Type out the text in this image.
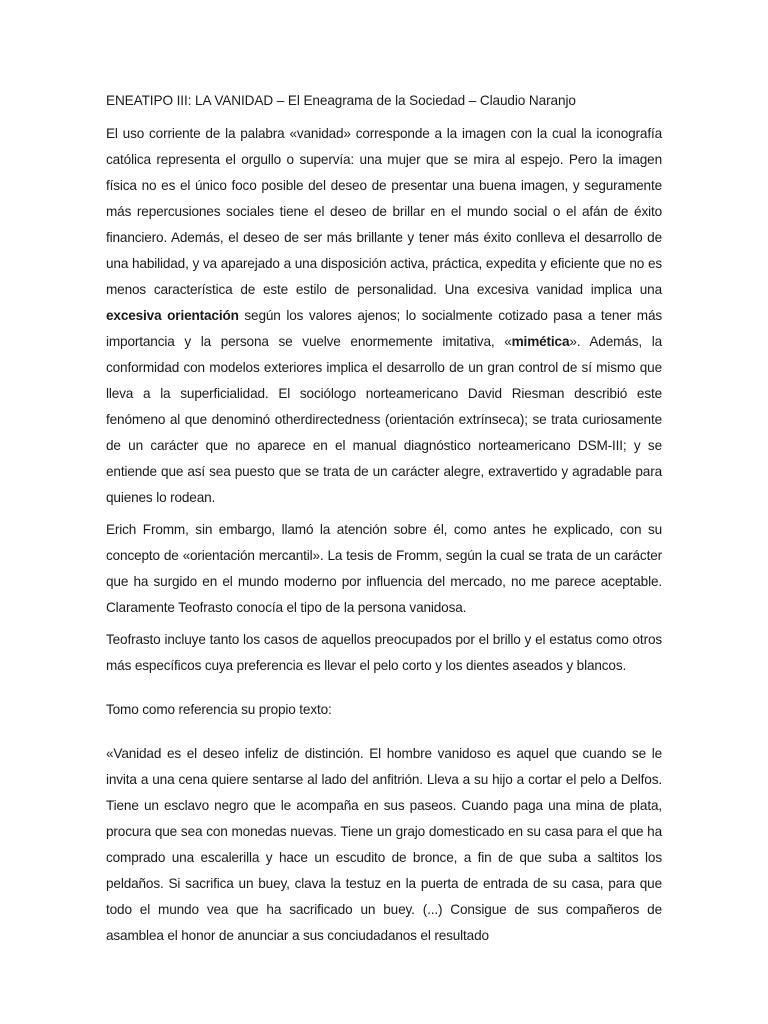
ENEATIPO III: LA VANIDAD – El Eneagrama de la Sociedad – Claudio Naranjo

El uso corriente de la palabra «vanidad» corresponde a la imagen con la cual la iconografía católica representa el orgullo o supervía: una mujer que se mira al espejo. Pero la imagen física no es el único foco posible del deseo de presentar una buena imagen, y seguramente más repercusiones sociales tiene el deseo de brillar en el mundo social o el afán de éxito financiero. Además, el deseo de ser más brillante y tener más éxito conlleva el desarrollo de una habilidad, y va aparejado a una disposición activa, práctica, expedita y eficiente que no es menos característica de este estilo de personalidad. Una excesiva vanidad implica una excesiva orientación según los valores ajenos; lo socialmente cotizado pasa a tener más importancia y la persona se vuelve enormemente imitativa, «mimética». Además, la conformidad con modelos exteriores implica el desarrollo de un gran control de sí mismo que lleva a la superficialidad. El sociólogo norteamericano David Riesman describió este fenómeno al que denominó otherdirectedness (orientación extrínseca); se trata curiosamente de un carácter que no aparece en el manual diagnóstico norteamericano DSM-III; y se entiende que así sea puesto que se trata de un carácter alegre, extravertido y agradable para quienes lo rodean.

Erich Fromm, sin embargo, llamó la atención sobre él, como antes he explicado, con su concepto de «orientación mercantil». La tesis de Fromm, según la cual se trata de un carácter que ha surgido en el mundo moderno por influencia del mercado, no me parece aceptable. Claramente Teofrasto conocía el tipo de la persona vanidosa.

Teofrasto incluye tanto los casos de aquellos preocupados por el brillo y el estatus como otros más específicos cuya preferencia es llevar el pelo corto y los dientes aseados y blancos.

Tomo como referencia su propio texto:

«Vanidad es el deseo infeliz de distinción. El hombre vanidoso es aquel que cuando se le invita a una cena quiere sentarse al lado del anfitrión. Lleva a su hijo a cortar el pelo a Delfos. Tiene un esclavo negro que le acompaña en sus paseos. Cuando paga una mina de plata, procura que sea con monedas nuevas. Tiene un grajo domesticado en su casa para el que ha comprado una escalerilla y hace un escudito de bronce, a fin de que suba a saltitos los peldaños. Si sacrifica un buey, clava la testuz en la puerta de entrada de su casa, para que todo el mundo vea que ha sacrificado un buey. (...) Consigue de sus compañeros de asamblea el honor de anunciar a sus conciudadanos el resultado
